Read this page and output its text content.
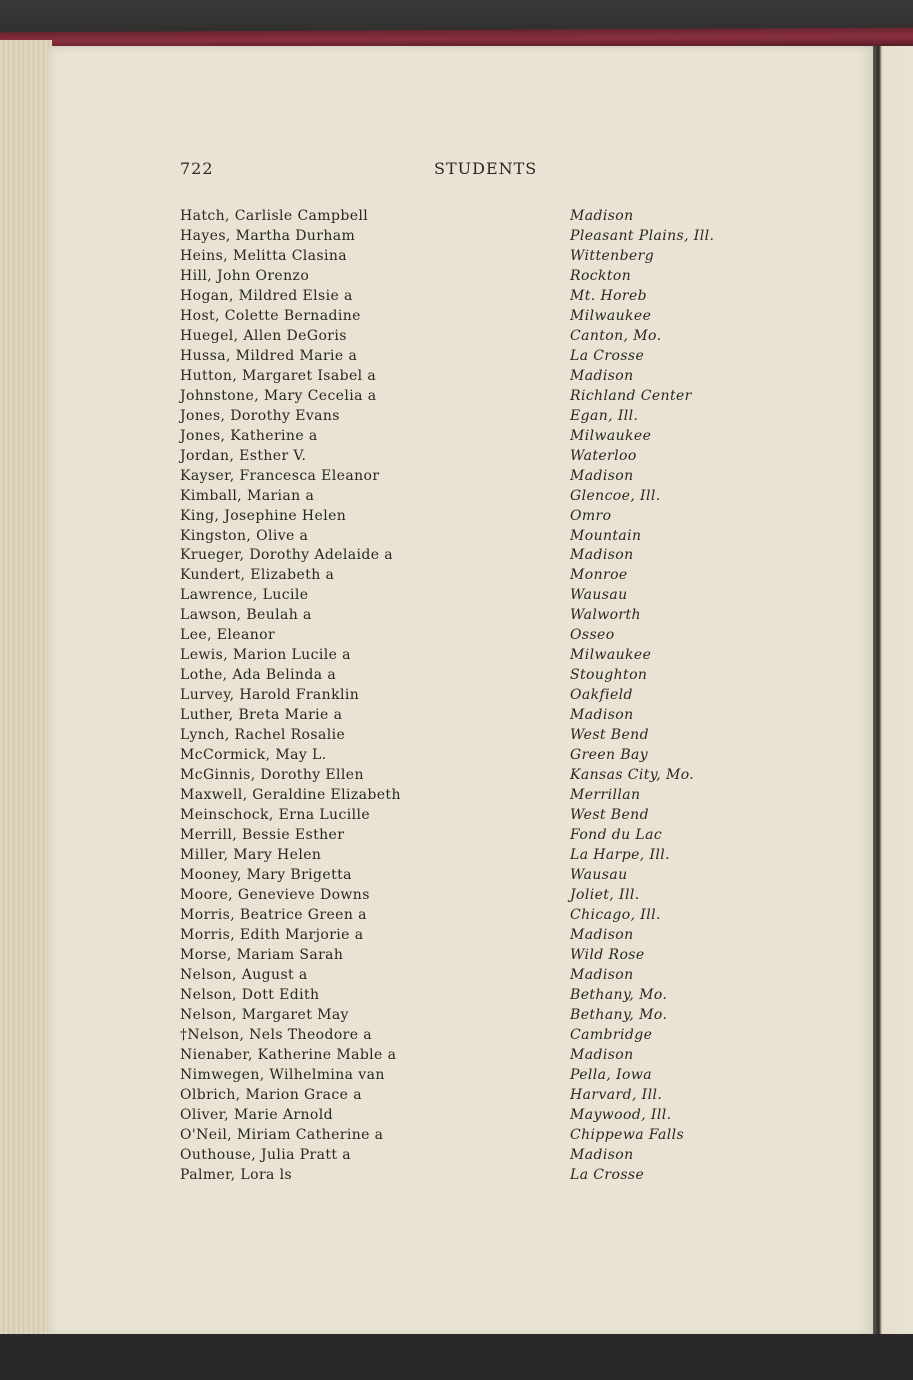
722	STUDENTS
Hatch, Carlisle Campbell	Madison
Hayes, Martha Durham	Pleasant Plains, Ill.
Heins, Melitta Clasina	Wittenberg
Hill, John Orenzo	Rockton
Hogan, Mildred Elsie a	Mt. Horeb
Host, Colette Bernadine	Milwaukee
Huegel, Allen DeGoris	Canton, Mo.
Hussa, Mildred Marie a	La Crosse
Hutton, Margaret Isabel a	Madison
Johnstone, Mary Cecelia a	Richland Center
Jones, Dorothy Evans	Egan, Ill.
Jones, Katherine a	Milwaukee
Jordan, Esther V.	Waterloo
Kayser, Francesca Eleanor	Madison
Kimball, Marian a	Glencoe, Ill.
King, Josephine Helen	Omro
Kingston, Olive a	Mountain
Krueger, Dorothy Adelaide a	Madison
Kundert, Elizabeth a	Monroe
Lawrence, Lucile	Wausau
Lawson, Beulah a	Walworth
Lee, Eleanor	Osseo
Lewis, Marion Lucile a	Milwaukee
Lothe, Ada Belinda a	Stoughton
Lurvey, Harold Franklin	Oakfield
Luther, Breta Marie a	Madison
Lynch, Rachel Rosalie	West Bend
McCormick, May L.	Green Bay
McGinnis, Dorothy Ellen	Kansas City, Mo.
Maxwell, Geraldine Elizabeth	Merrillan
Meinschock, Erna Lucille	West Bend
Merrill, Bessie Esther	Fond du Lac
Miller, Mary Helen	La Harpe, Ill.
Mooney, Mary Brigetta	Wausau
Moore, Genevieve Downs	Joliet, Ill.
Morris, Beatrice Green a	Chicago, Ill.
Morris, Edith Marjorie a	Madison
Morse, Mariam Sarah	Wild Rose
Nelson, August a	Madison
Nelson, Dott Edith	Bethany, Mo.
Nelson, Margaret May	Bethany, Mo.
†Nelson, Nels Theodore a	Cambridge
Nienaber, Katherine Mable a	Madison
Nimwegen, Wilhelmina van	Pella, Iowa
Olbrich, Marion Grace a	Harvard, Ill.
Oliver, Marie Arnold	Maywood, Ill.
O'Neil, Miriam Catherine a	Chippewa Falls
Outhouse, Julia Pratt a	Madison
Palmer, Lora ls	La Crosse
